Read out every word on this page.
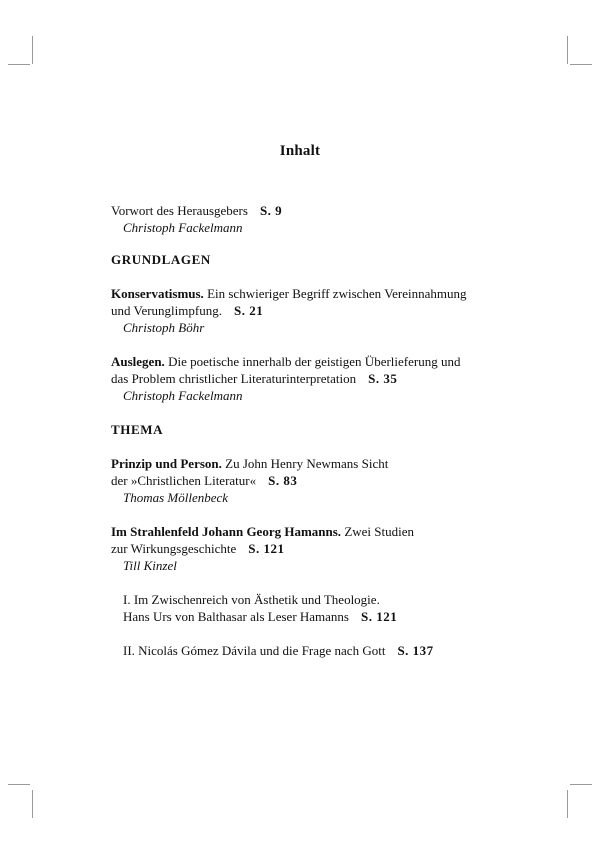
Inhalt
Vorwort des Herausgebers S. 9
Christoph Fackelmann
GRUNDLAGEN
Konservatismus. Ein schwieriger Begriff zwischen Vereinnahmung
und Verunglimpfung. S. 21
Christoph Böhr
Auslegen. Die poetische innerhalb der geistigen Überlieferung und
das Problem christlicher Literaturinterpretation S. 35
Christoph Fackelmann
THEMA
Prinzip und Person. Zu John Henry Newmans Sicht
der »Christlichen Literatur« S. 83
Thomas Möllenbeck
Im Strahlenfeld Johann Georg Hamanns. Zwei Studien
zur Wirkungsgeschichte S. 121
Till Kinzel
I. Im Zwischenreich von Ästhetik und Theologie.
Hans Urs von Balthasar als Leser Hamanns S. 121
II. Nicolás Gómez Dávila und die Frage nach Gott S. 137
